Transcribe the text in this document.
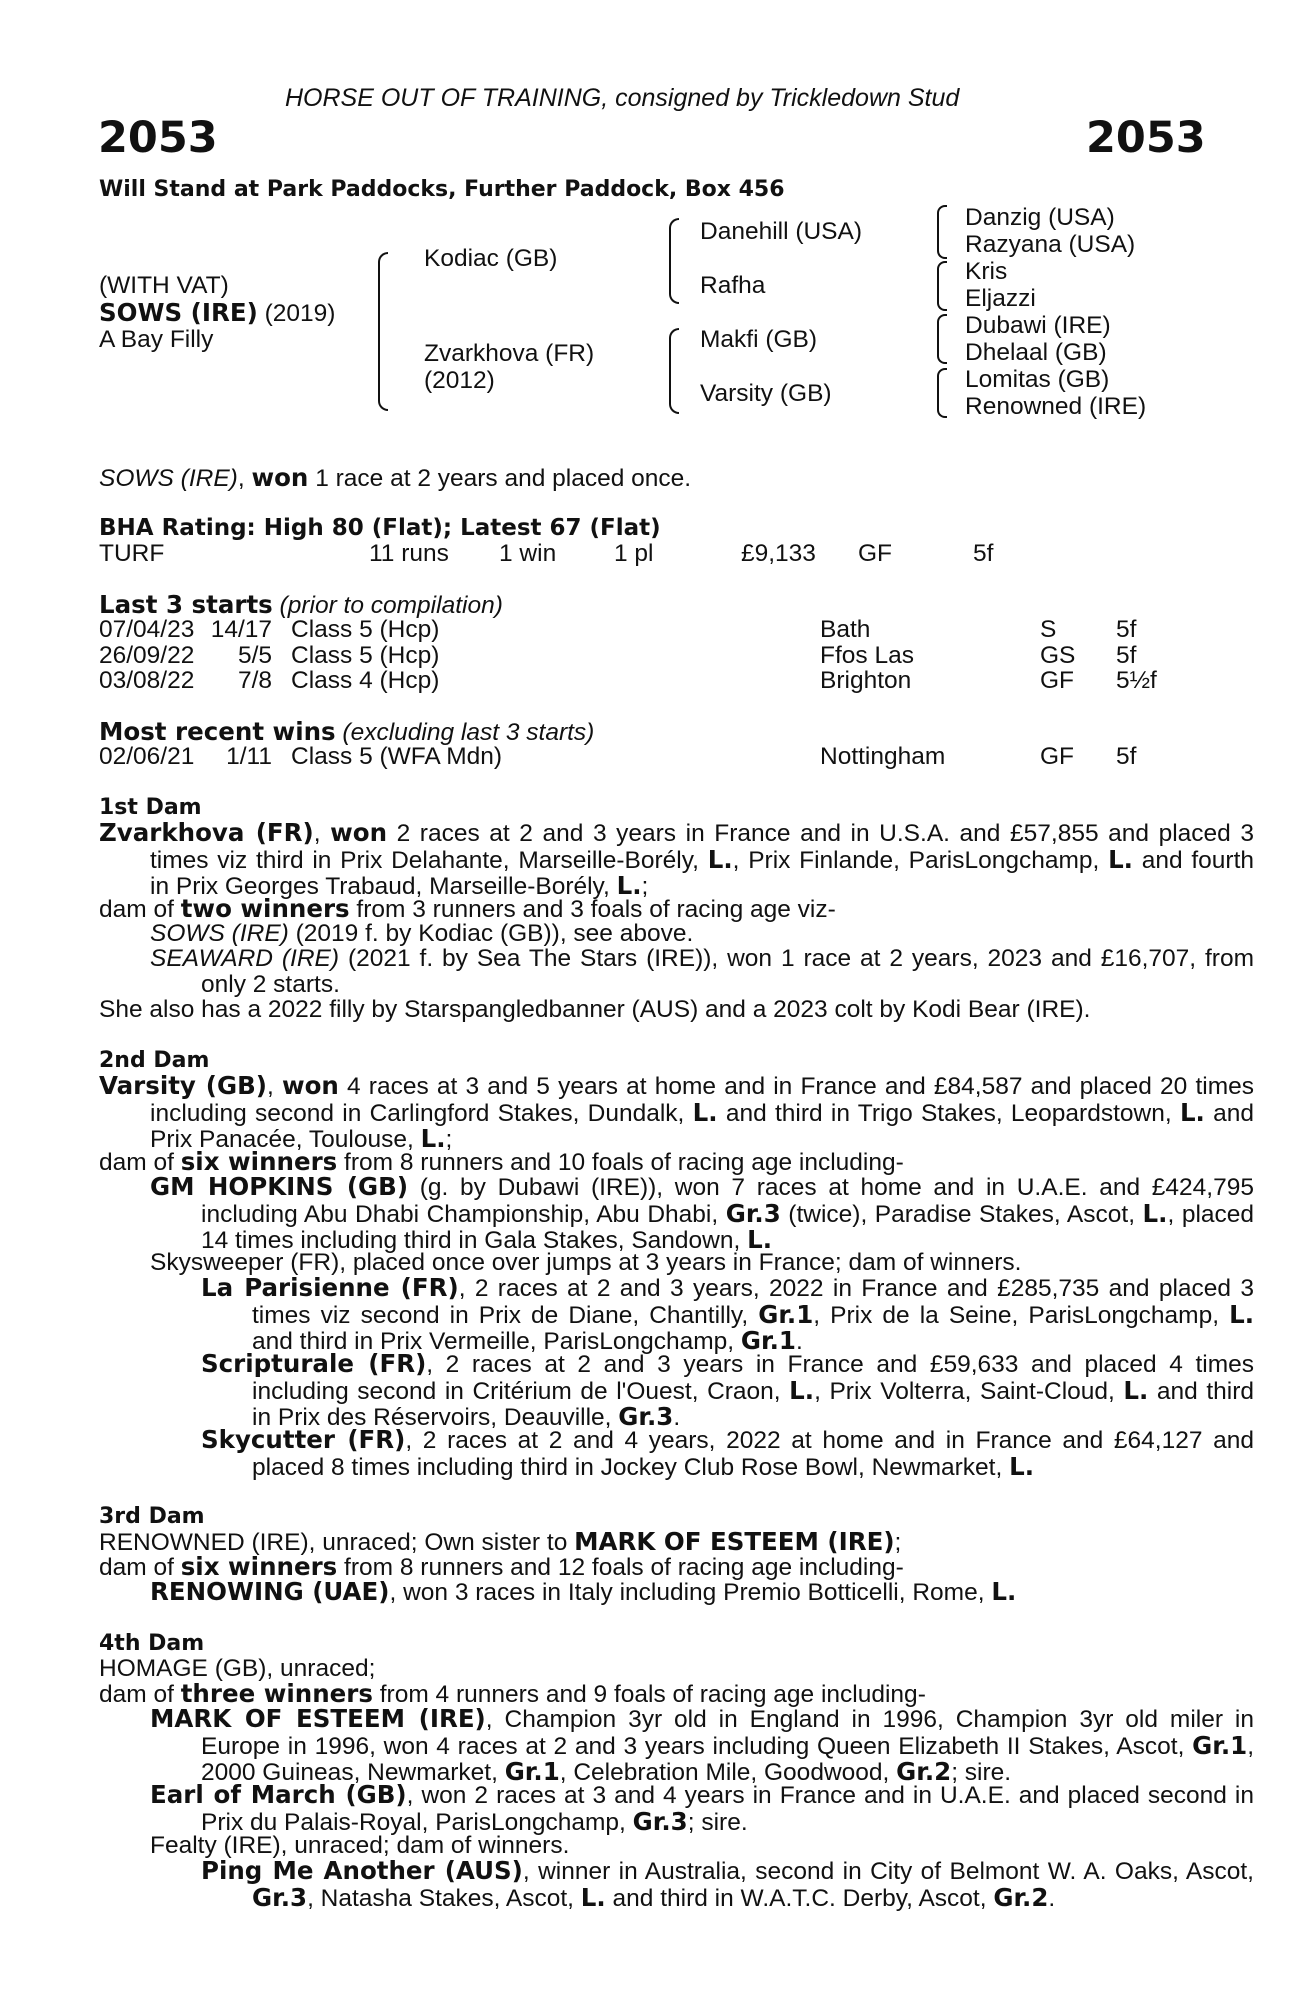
HORSE OUT OF TRAINING, consigned by Trickledown Stud
2053	2053
Will Stand at Park Paddocks, Further Paddock, Box 456
(WITH VAT)
SOWS (IRE) (2019)
A Bay Filly
Kodiac (GB)
Zvarkhova (FR)
(2012)
Danehill (USA)
Rafha
Makfi (GB)
Varsity (GB)
Danzig (USA)
Razyana (USA)
Kris
Eljazzi
Dubawi (IRE)
Dhelaal (GB)
Lomitas (GB)
Renowned (IRE)
SOWS (IRE), won 1 race at 2 years and placed once.
BHA Rating: High 80 (Flat); Latest 67 (Flat)
TURF	11 runs 1 win 1 pl	£9,133 GF	5f
Last 3 starts (prior to compilation)
07/04/23 14/17 Class 5 (Hcp)	Bath	S 5f
26/09/22 5/5 Class 5 (Hcp)	Ffos Las	GS 5f
03/08/22 7/8 Class 4 (Hcp)	Brighton	GF 5½f
Most recent wins (excluding last 3 starts)
02/06/21 1/11 Class 5 (WFA Mdn)	Nottingham	GF 5f
1st Dam
Zvarkhova (FR), won 2 races at 2 and 3 years in France and in U.S.A. and £57,855 and placed 3 times viz third in Prix Delahante, Marseille-Borély, L., Prix Finlande, ParisLongchamp, L. and fourth in Prix Georges Trabaud, Marseille-Borély, L.;
dam of two winners from 3 runners and 3 foals of racing age viz-
SOWS (IRE) (2019 f. by Kodiac (GB)), see above.
SEAWARD (IRE) (2021 f. by Sea The Stars (IRE)), won 1 race at 2 years, 2023 and £16,707, from only 2 starts.
She also has a 2022 filly by Starspangledbanner (AUS) and a 2023 colt by Kodi Bear (IRE).
2nd Dam
Varsity (GB), won 4 races at 3 and 5 years at home and in France and £84,587 and placed 20 times including second in Carlingford Stakes, Dundalk, L. and third in Trigo Stakes, Leopardstown, L. and Prix Panacée, Toulouse, L.;
dam of six winners from 8 runners and 10 foals of racing age including-
GM HOPKINS (GB) (g. by Dubawi (IRE)), won 7 races at home and in U.A.E. and £424,795 including Abu Dhabi Championship, Abu Dhabi, Gr.3 (twice), Paradise Stakes, Ascot, L., placed 14 times including third in Gala Stakes, Sandown, L.
Skysweeper (FR), placed once over jumps at 3 years in France; dam of winners.
La Parisienne (FR), 2 races at 2 and 3 years, 2022 in France and £285,735 and placed 3 times viz second in Prix de Diane, Chantilly, Gr.1, Prix de la Seine, ParisLongchamp, L. and third in Prix Vermeille, ParisLongchamp, Gr.1.
Scripturale (FR), 2 races at 2 and 3 years in France and £59,633 and placed 4 times including second in Critérium de l'Ouest, Craon, L., Prix Volterra, Saint-Cloud, L. and third in Prix des Réservoirs, Deauville, Gr.3.
Skycutter (FR), 2 races at 2 and 4 years, 2022 at home and in France and £64,127 and placed 8 times including third in Jockey Club Rose Bowl, Newmarket, L.
3rd Dam
RENOWNED (IRE), unraced; Own sister to MARK OF ESTEEM (IRE);
dam of six winners from 8 runners and 12 foals of racing age including-
RENOWING (UAE), won 3 races in Italy including Premio Botticelli, Rome, L.
4th Dam
HOMAGE (GB), unraced;
dam of three winners from 4 runners and 9 foals of racing age including-
MARK OF ESTEEM (IRE), Champion 3yr old in England in 1996, Champion 3yr old miler in Europe in 1996, won 4 races at 2 and 3 years including Queen Elizabeth II Stakes, Ascot, Gr.1, 2000 Guineas, Newmarket, Gr.1, Celebration Mile, Goodwood, Gr.2; sire.
Earl of March (GB), won 2 races at 3 and 4 years in France and in U.A.E. and placed second in Prix du Palais-Royal, ParisLongchamp, Gr.3; sire.
Fealty (IRE), unraced; dam of winners.
Ping Me Another (AUS), winner in Australia, second in City of Belmont W. A. Oaks, Ascot, Gr.3, Natasha Stakes, Ascot, L. and third in W.A.T.C. Derby, Ascot, Gr.2.
